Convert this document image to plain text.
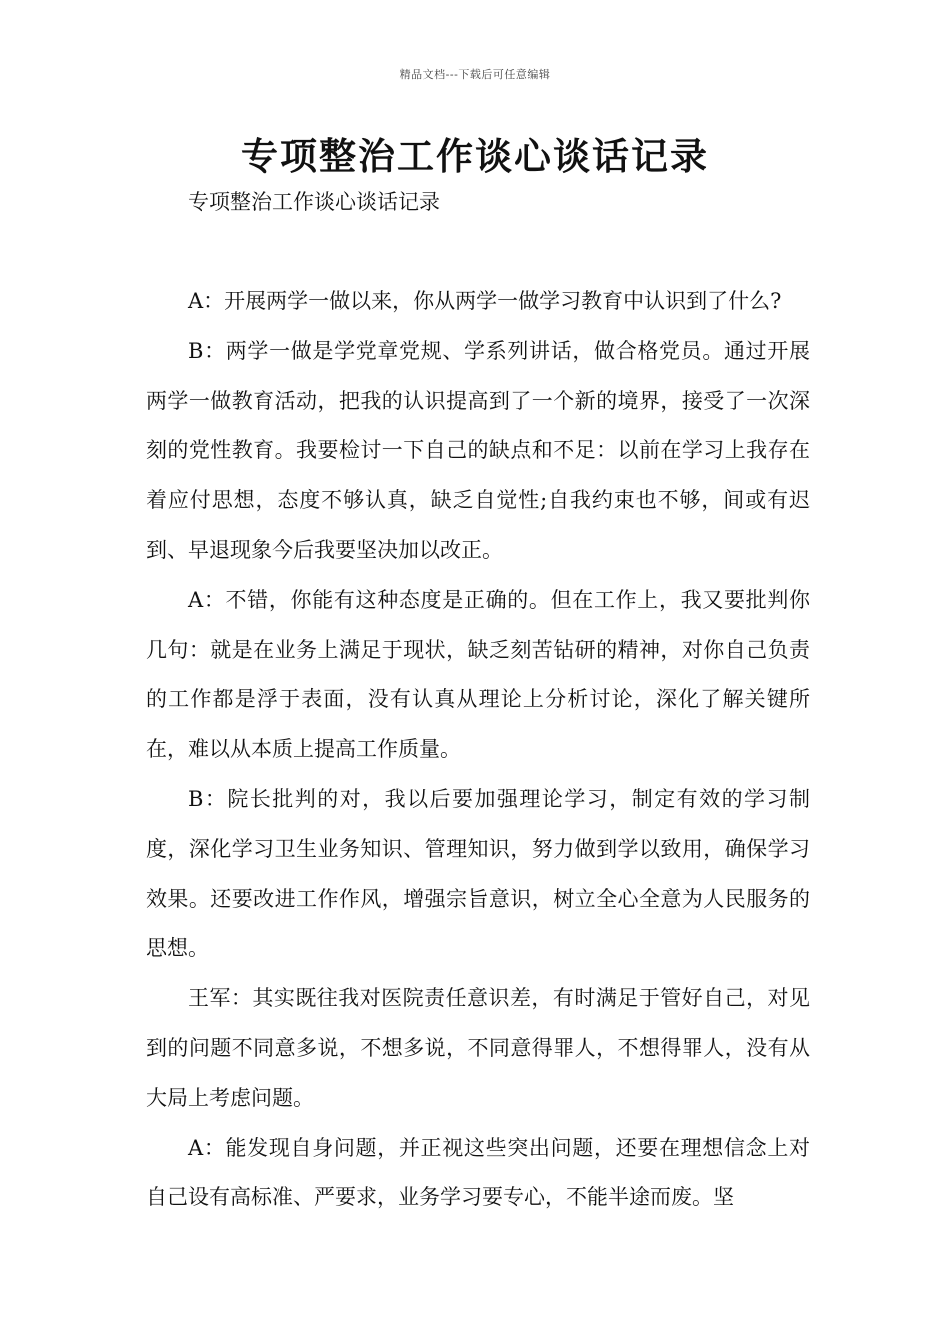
精品文档---下载后可任意编辑
专项整治工作谈心谈话记录

专项整治工作谈心谈话记录

A：开展两学一做以来，你从两学一做学习教育中认识到了什么?

B：两学一做是学党章党规、学系列讲话，做合格党员。通过开展两学一做教育活动，把我的认识提高到了一个新的境界，接受了一次深刻的党性教育。我要检讨一下自己的缺点和不足：以前在学习上我存在着应付思想，态度不够认真，缺乏自觉性;自我约束也不够，间或有迟到、早退现象今后我要坚决加以改正。

A：不错，你能有这种态度是正确的。但在工作上，我又要批判你几句：就是在业务上满足于现状，缺乏刻苦钻研的精神，对你自己负责的工作都是浮于表面，没有认真从理论上分析讨论，深化了解关键所在，难以从本质上提高工作质量。

B：院长批判的对，我以后要加强理论学习，制定有效的学习制度，深化学习卫生业务知识、管理知识，努力做到学以致用，确保学习效果。还要改进工作作风，增强宗旨意识，树立全心全意为人民服务的思想。

王军：其实既往我对医院责任意识差，有时满足于管好自己，对见到的问题不同意多说，不想多说，不同意得罪人，不想得罪人，没有从大局上考虑问题。

A：能发现自身问题，并正视这些突出问题，还要在理想信念上对自己设有高标准、严要求，业务学习要专心，不能半途而废。坚
